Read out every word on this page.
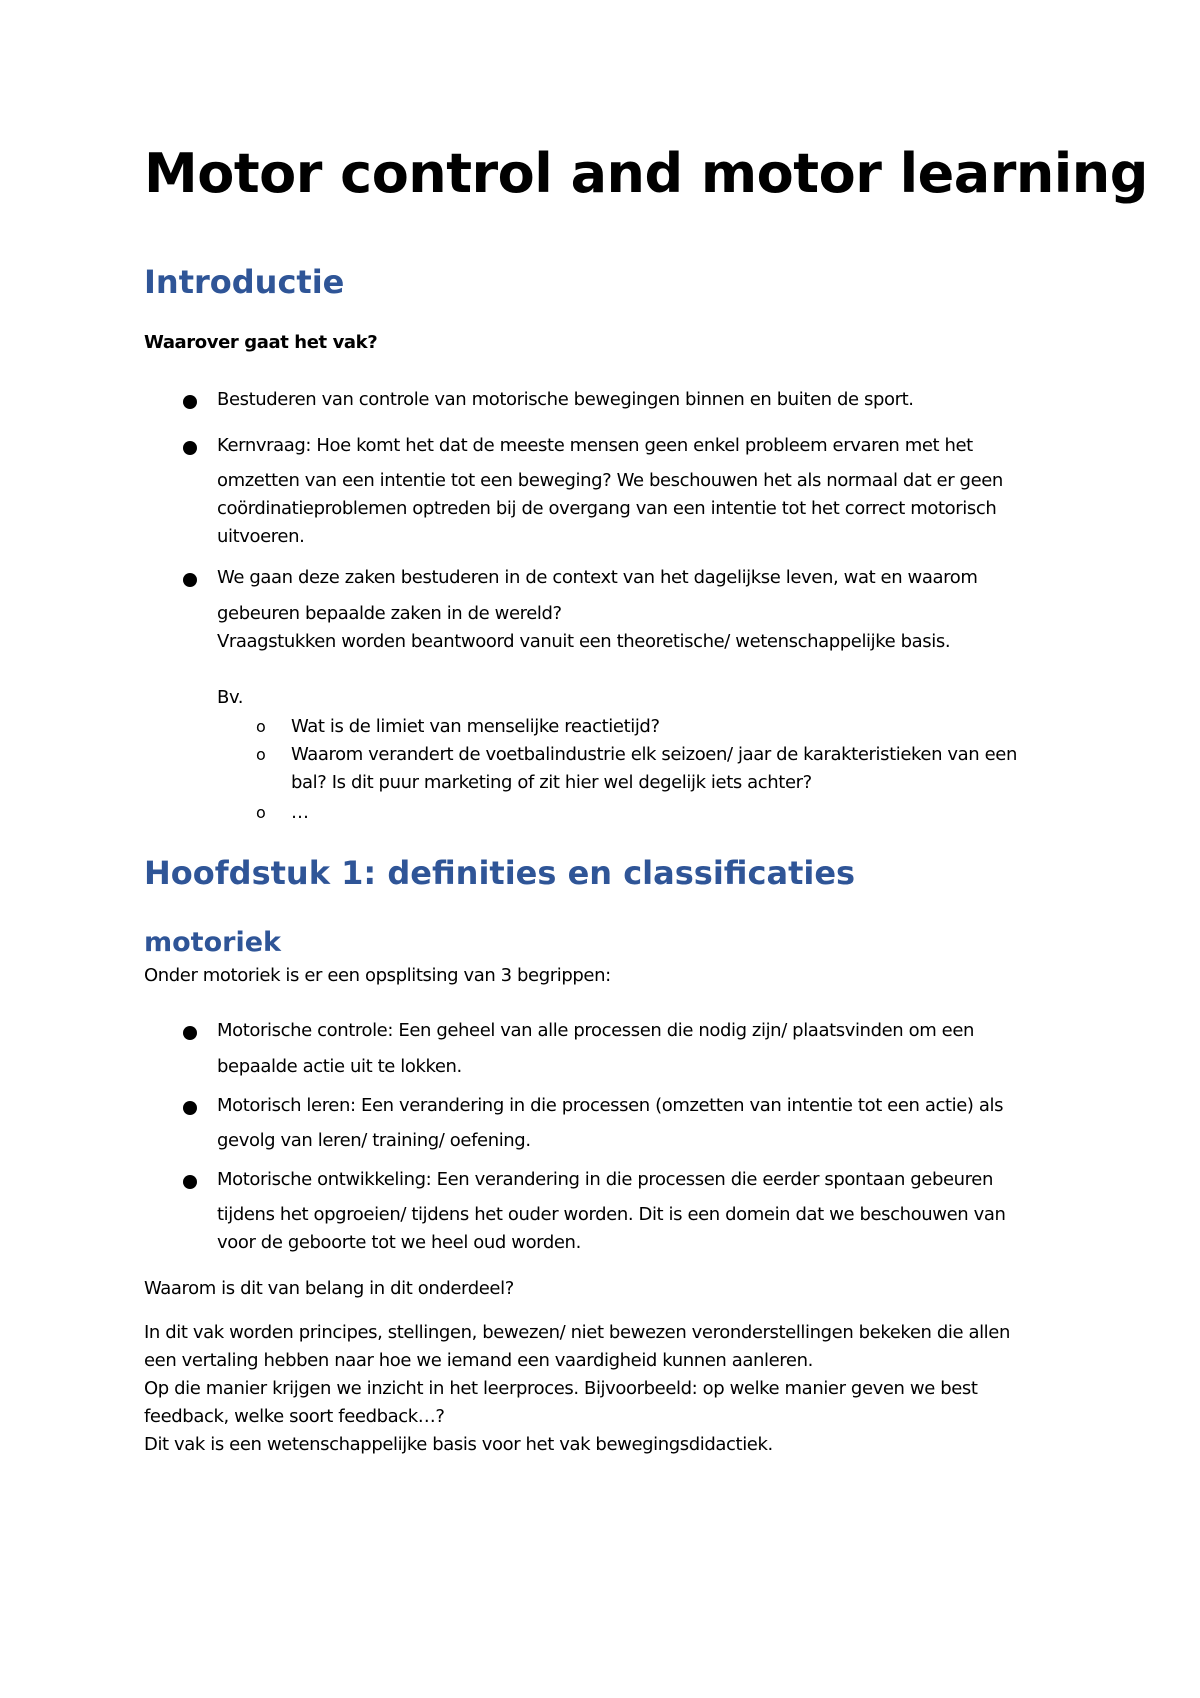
Motor control and motor learning
Introductie

Waarover gaat het vak?

Bestuderen van controle van motorische bewegingen binnen en buiten de sport.

Kernvraag: Hoe komt het dat de meeste mensen geen enkel probleem ervaren met het

omzetten van een intentie tot een beweging? We beschouwen het als normaal dat er geen

coördinatieproblemen optreden bij de overgang van een intentie tot het correct motorisch

uitvoeren.

We gaan deze zaken bestuderen in de context van het dagelijkse leven, wat en waarom

gebeuren bepaalde zaken in de wereld?

Vraagstukken worden beantwoord vanuit een theoretische/ wetenschappelijke basis.

Bv.

o Wat is de limiet van menselijke reactietijd?

o Waarom verandert de voetbalindustrie elk seizoen/ jaar de karakteristieken van een

bal? Is dit puur marketing of zit hier wel degelijk iets achter?

o …

Hoofdstuk 1: definities en classificaties
motoriek

Onder motoriek is er een opsplitsing van 3 begrippen:

Motorische controle: Een geheel van alle processen die nodig zijn/ plaatsvinden om een

bepaalde actie uit te lokken.

Motorisch leren: Een verandering in die processen (omzetten van intentie tot een actie) als

gevolg van leren/ training/ oefening.

Motorische ontwikkeling: Een verandering in die processen die eerder spontaan gebeuren

tijdens het opgroeien/ tijdens het ouder worden. Dit is een domein dat we beschouwen van

voor de geboorte tot we heel oud worden.

Waarom is dit van belang in dit onderdeel?

In dit vak worden principes, stellingen, bewezen/ niet bewezen veronderstellingen bekeken die allen

een vertaling hebben naar hoe we iemand een vaardigheid kunnen aanleren.

Op die manier krijgen we inzicht in het leerproces. Bijvoorbeeld: op welke manier geven we best

feedback, welke soort feedback…?

Dit vak is een wetenschappelijke basis voor het vak bewegingsdidactiek.
